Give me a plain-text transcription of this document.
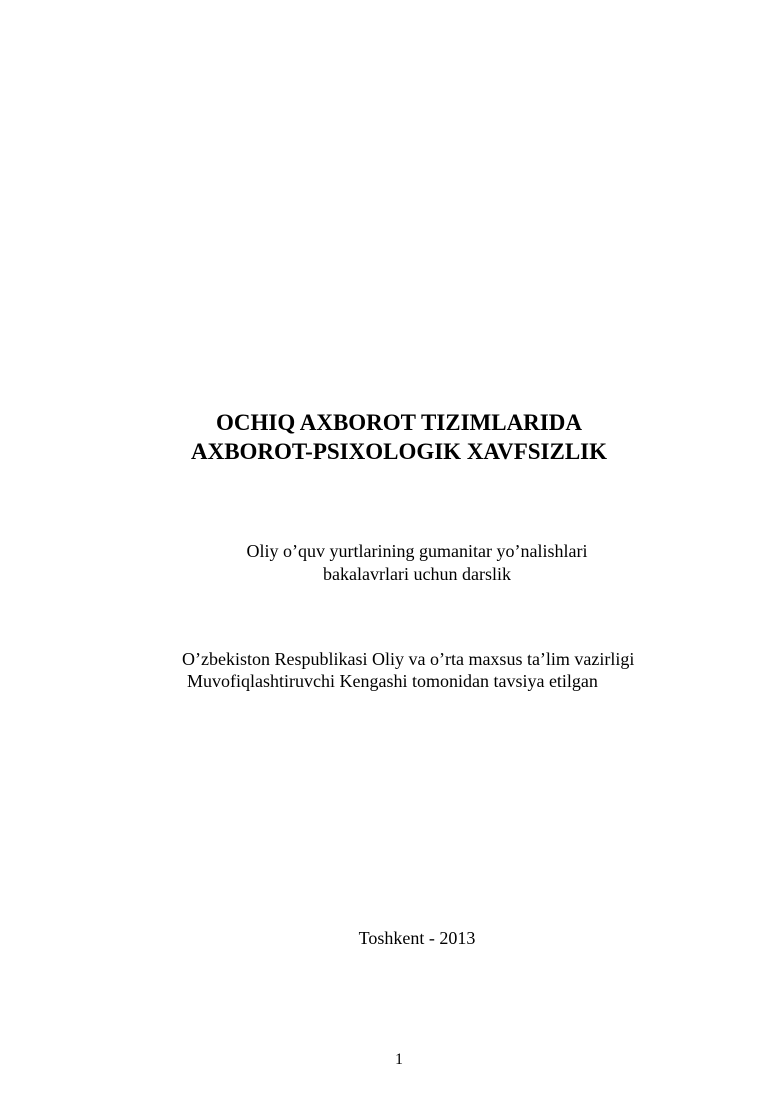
OCHIQ AXBOROT TIZIMLARIDA
AXBOROT-PSIXOLOGIK XAVFSIZLIK
Oliy o’quv yurtlarining gumanitar yo’nalishlari
bakalavrlari uchun darslik
O’zbekiston Respublikasi Oliy va o’rta maxsus ta’lim vazirligi
Muvofiqlashtiruvchi Kengashi tomonidan tavsiya etilgan
Toshkent - 2013
1
